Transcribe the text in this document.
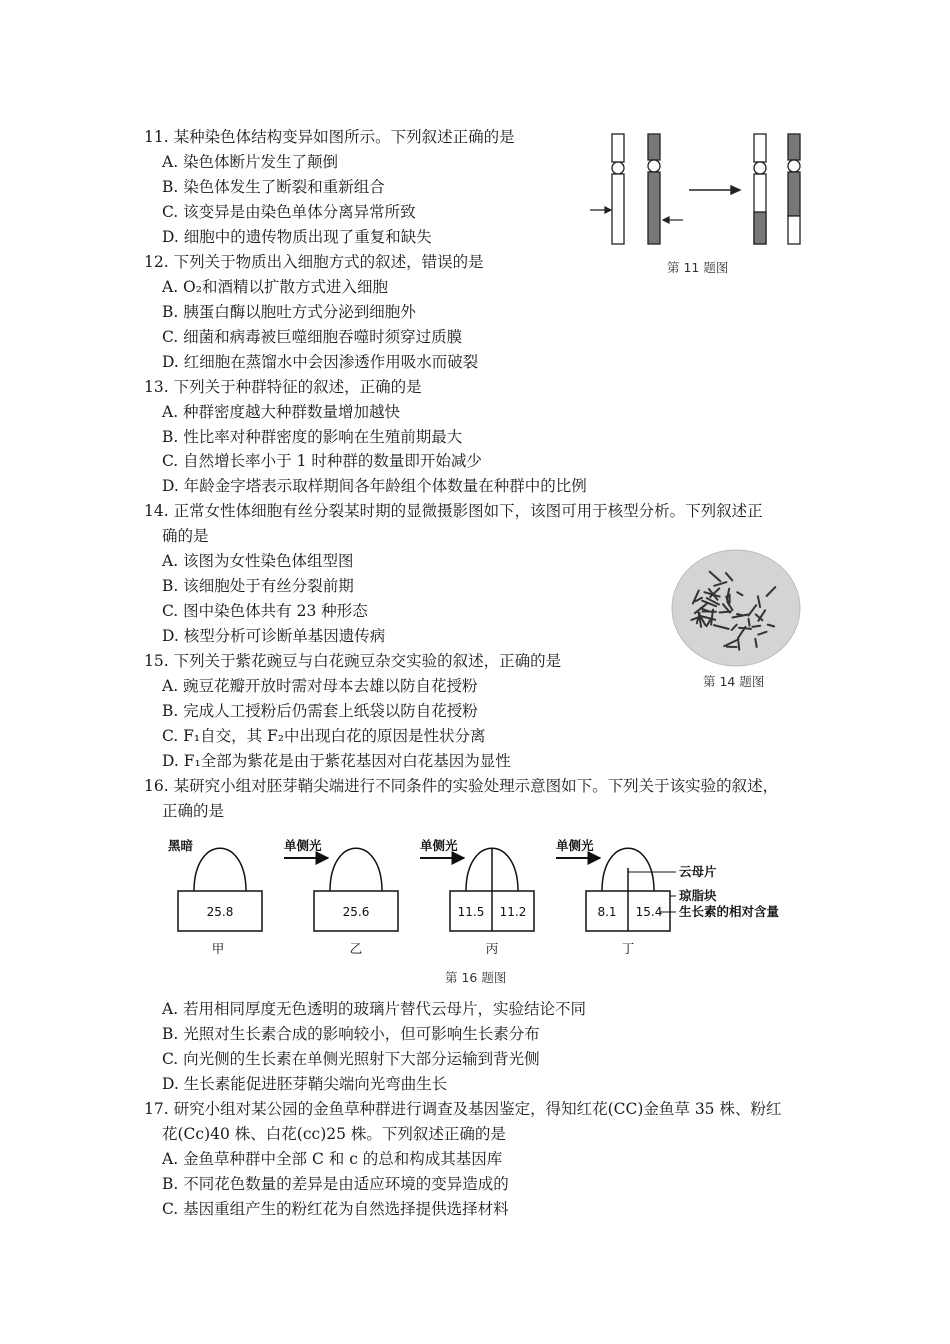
11. 某种染色体结构变异如图所示。下列叙述正确的是
A. 染色体断片发生了颠倒
B. 染色体发生了断裂和重新组合
C. 该变异是由染色单体分离异常所致
D. 细胞中的遗传物质出现了重复和缺失
12. 下列关于物质出入细胞方式的叙述，错误的是
A. O₂和酒精以扩散方式进入细胞
B. 胰蛋白酶以胞吐方式分泌到细胞外
C. 细菌和病毒被巨噬细胞吞噬时须穿过质膜
D. 红细胞在蒸馏水中会因渗透作用吸水而破裂
13. 下列关于种群特征的叙述，正确的是
A. 种群密度越大种群数量增加越快
B. 性比率对种群密度的影响在生殖前期最大
C. 自然增长率小于 1 时种群的数量即开始减少
D. 年龄金字塔表示取样期间各年龄组个体数量在种群中的比例
14. 正常女性体细胞有丝分裂某时期的显微摄影图如下，该图可用于核型分析。下列叙述正
确的是
A. 该图为女性染色体组型图
B. 该细胞处于有丝分裂前期
C. 图中染色体共有 23 种形态
D. 核型分析可诊断单基因遗传病
15. 下列关于紫花豌豆与白花豌豆杂交实验的叙述，正确的是
A. 豌豆花瓣开放时需对母本去雄以防自花授粉
B. 完成人工授粉后仍需套上纸袋以防自花授粉
C. F₁自交，其 F₂中出现白花的原因是性状分离
D. F₁全部为紫花是由于紫花基因对白花基因为显性
16. 某研究小组对胚芽鞘尖端进行不同条件的实验处理示意图如下。下列关于该实验的叙述，
正确的是
A. 若用相同厚度无色透明的玻璃片替代云母片，实验结论不同
B. 光照对生长素合成的影响较小，但可影响生长素分布
C. 向光侧的生长素在单侧光照射下大部分运输到背光侧
D. 生长素能促进胚芽鞘尖端向光弯曲生长
17. 研究小组对某公园的金鱼草种群进行调查及基因鉴定，得知红花(CC)金鱼草 35 株、粉红
花(Cc)40 株、白花(cc)25 株。下列叙述正确的是
A. 金鱼草种群中全部 C 和 c 的总和构成其基因库
B. 不同花色数量的差异是由适应环境的变异造成的
C. 基因重组产生的粉红花为自然选择提供选择材料
第 11 题图
第 14 题图
黑暗
25.8
甲
单侧光
25.6
乙
单侧光
11.5 11.2
丙
单侧光
8.1 15.4
丁
云母片
琼脂块
生长素的相对含量
第 16 题图
